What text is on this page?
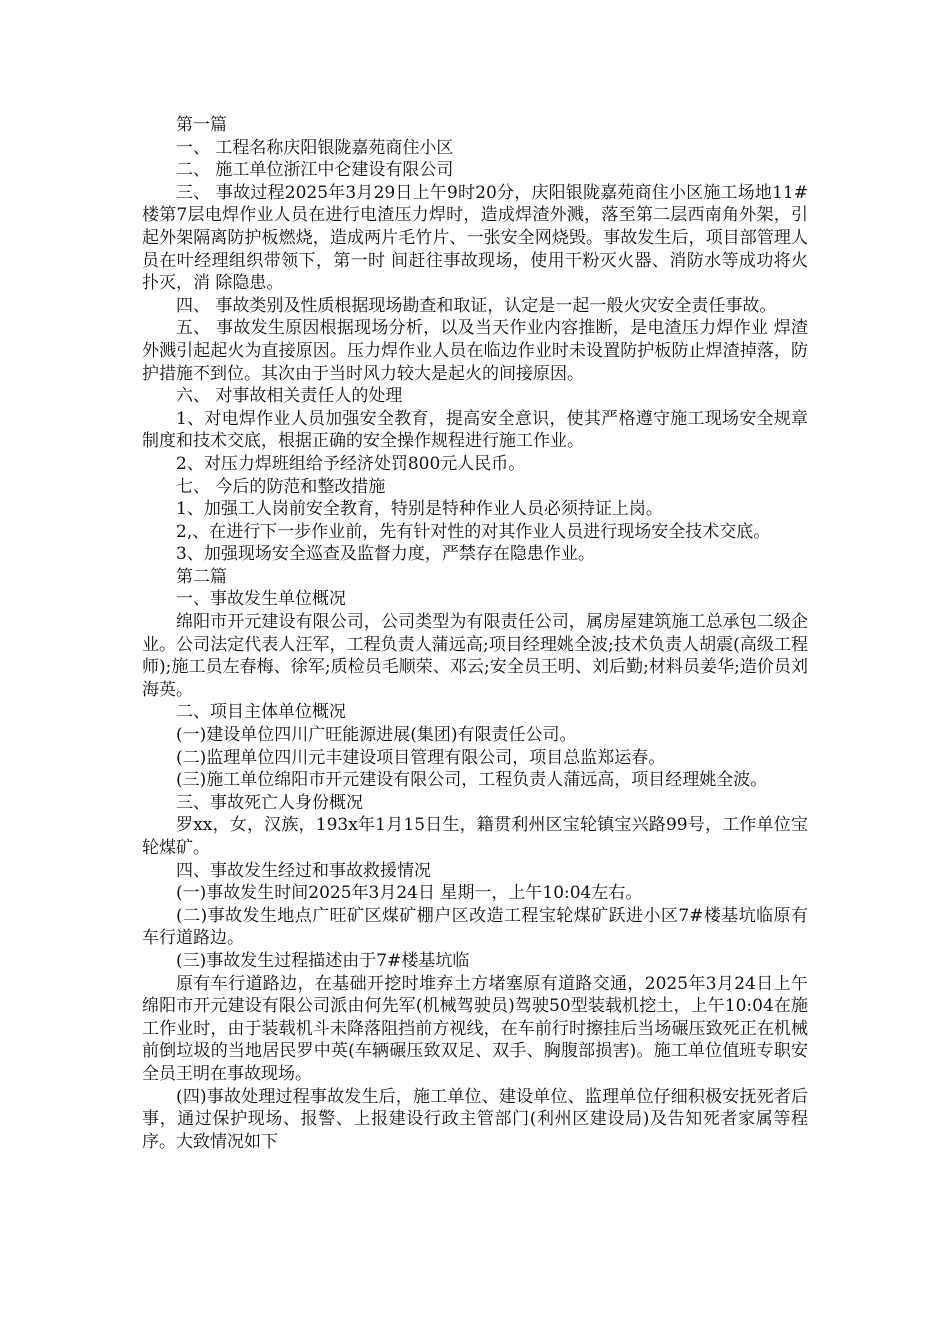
第一篇

一、 工程名称庆阳银陇嘉苑商住小区

二、 施工单位浙江中仑建设有限公司

三、 事故过程2025年3月29日上午9时20分，庆阳银陇嘉苑商住小区施工场地11#楼第7层电焊作业人员在进行电渣压力焊时，造成焊渣外溅，落至第二层西南角外架，引起外架隔离防护板燃烧，造成两片毛竹片、一张安全网烧毁。事故发生后，项目部管理人员在叶经理组织带领下，第一时 间赶往事故现场，使用干粉灭火器、消防水等成功将火扑灭，消 除隐患。

四、 事故类别及性质根据现场勘查和取证，认定是一起一般火灾安全责任事故。

五、 事故发生原因根据现场分析，以及当天作业内容推断，是电渣压力焊作业 焊渣外溅引起起火为直接原因。压力焊作业人员在临边作业时未设置防护板防止焊渣掉落，防护措施不到位。其次由于当时风力较大是起火的间接原因。

六、 对事故相关责任人的处理

1、对电焊作业人员加强安全教育，提高安全意识，使其严格遵守施工现场安全规章制度和技术交底，根据正确的安全操作规程进行施工作业。

2、对压力焊班组给予经济处罚800元人民币。

七、 今后的防范和整改措施

1、加强工人岗前安全教育，特别是特种作业人员必须持证上岗。

2,、在进行下一步作业前，先有针对性的对其作业人员进行现场安全技术交底。

3、加强现场安全巡查及监督力度，严禁存在隐患作业。

第二篇

一、事故发生单位概况

绵阳市开元建设有限公司，公司类型为有限责任公司，属房屋建筑施工总承包二级企业。公司法定代表人汪军，工程负责人蒲远高;项目经理姚全波;技术负责人胡震(高级工程师);施工员左春梅、徐军;质检员毛顺荣、邓云;安全员王明、刘后勤;材料员姜华;造价员刘海英。

二、项目主体单位概况

(一)建设单位四川广旺能源进展(集团)有限责任公司。

(二)监理单位四川元丰建设项目管理有限公司，项目总监郑运春。

(三)施工单位绵阳市开元建设有限公司，工程负责人蒲远高，项目经理姚全波。

三、事故死亡人身份概况

罗xx，女，汉族，193x年1月15日生，籍贯利州区宝轮镇宝兴路99号，工作单位宝轮煤矿。

四、事故发生经过和事故救援情况

(一)事故发生时间2025年3月24日 星期一，上午10:04左右。

(二)事故发生地点广旺矿区煤矿棚户区改造工程宝轮煤矿跃进小区7#楼基坑临原有车行道路边。

(三)事故发生过程描述由于7#楼基坑临

原有车行道路边，在基础开挖时堆弃土方堵塞原有道路交通，2025年3月24日上午绵阳市开元建设有限公司派由何先军(机械驾驶员)驾驶50型装载机挖土，上午10:04在施工作业时，由于装载机斗未降落阻挡前方视线，在车前行时擦挂后当场碾压致死正在机械前倒垃圾的当地居民罗中英(车辆碾压致双足、双手、胸腹部损害)。施工单位值班专职安全员王明在事故现场。

(四)事故处理过程事故发生后，施工单位、建设单位、监理单位仔细积极安抚死者后事，通过保护现场、报警、上报建设行政主管部门(利州区建设局)及告知死者家属等程序。大致情况如下
